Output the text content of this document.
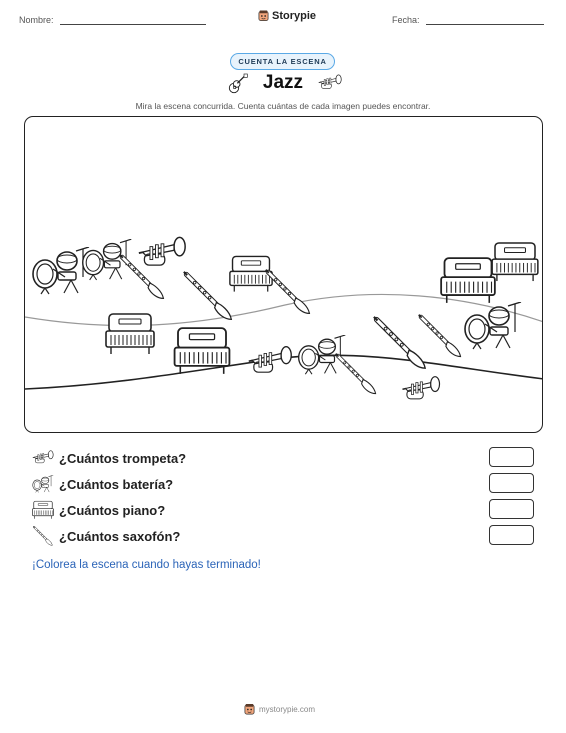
Nombre:	Storypie	Fecha:
CUENTA LA ESCENA
Jazz
Mira la escena concurrida. Cuenta cuántas de cada imagen puedes encontrar.
¿Cuántos trompeta?
¿Cuántos batería?
¿Cuántos piano?
¿Cuántos saxofón?
¡Colorea la escena cuando hayas terminado!
mystorypie.com
